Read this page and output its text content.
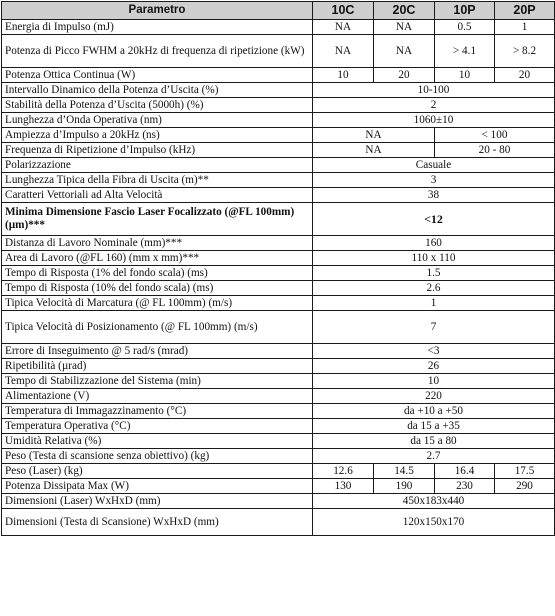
Parametro	10C	20C	10P	20P
Energia di Impulso (mJ)	NA	NA	0.5	1
Potenza di Picco FWHM a 20kHz di frequenza di ripetizione (kW)	NA	NA	> 4.1	> 8.2
Potenza Ottica Continua (W)	10	20	10	20
Intervallo Dinamico della Potenza d’Uscita (%)	10-100			
Stabilità della Potenza d’Uscita (5000h) (%)	2			
Lunghezza d’Onda Operativa (nm)	1060±10			
Ampiezza d’Impulso a 20kHz (ns)	NA		< 100	
Frequenza di Ripetizione d’Impulso (kHz)	NA		20 - 80	
Polarizzazione	Casuale			
Lunghezza Tipica della Fibra di Uscita (m)**	3			
Caratteri Vettoriali ad Alta Velocità	38			
Minima Dimensione Fascio Laser Focalizzato (@FL 100mm) (µm)***	<12			
Distanza di Lavoro Nominale (mm)***	160			
Area di Lavoro (@FL 160) (mm x mm)***	110 x 110			
Tempo di Risposta (1% del fondo scala) (ms)	1.5			
Tempo di Risposta (10% del fondo scala) (ms)	2.6			
Tipica Velocità di Marcatura (@ FL 100mm) (m/s)	1			
Tipica Velocità di Posizionamento (@ FL 100mm) (m/s)	7			
Errore di Inseguimento @ 5 rad/s (mrad)	<3			
Ripetibilità (µrad)	26			
Tempo di Stabilizzazione del Sistema (min)	10			
Alimentazione (V)	220			
Temperatura di Immagazzinamento (°C)	da +10 a +50			
Temperatura Operativa (°C)	da 15 a +35			
Umidità Relativa (%)	da 15 a 80			
Peso (Testa di scansione senza obiettivo) (kg)	2.7			
Peso (Laser) (kg)	12.6	14.5	16.4	17.5
Potenza Dissipata Max (W)	130	190	230	290
Dimensioni (Laser) WxHxD (mm)	450x183x440			
Dimensioni (Testa di Scansione) WxHxD (mm)	120x150x170			
